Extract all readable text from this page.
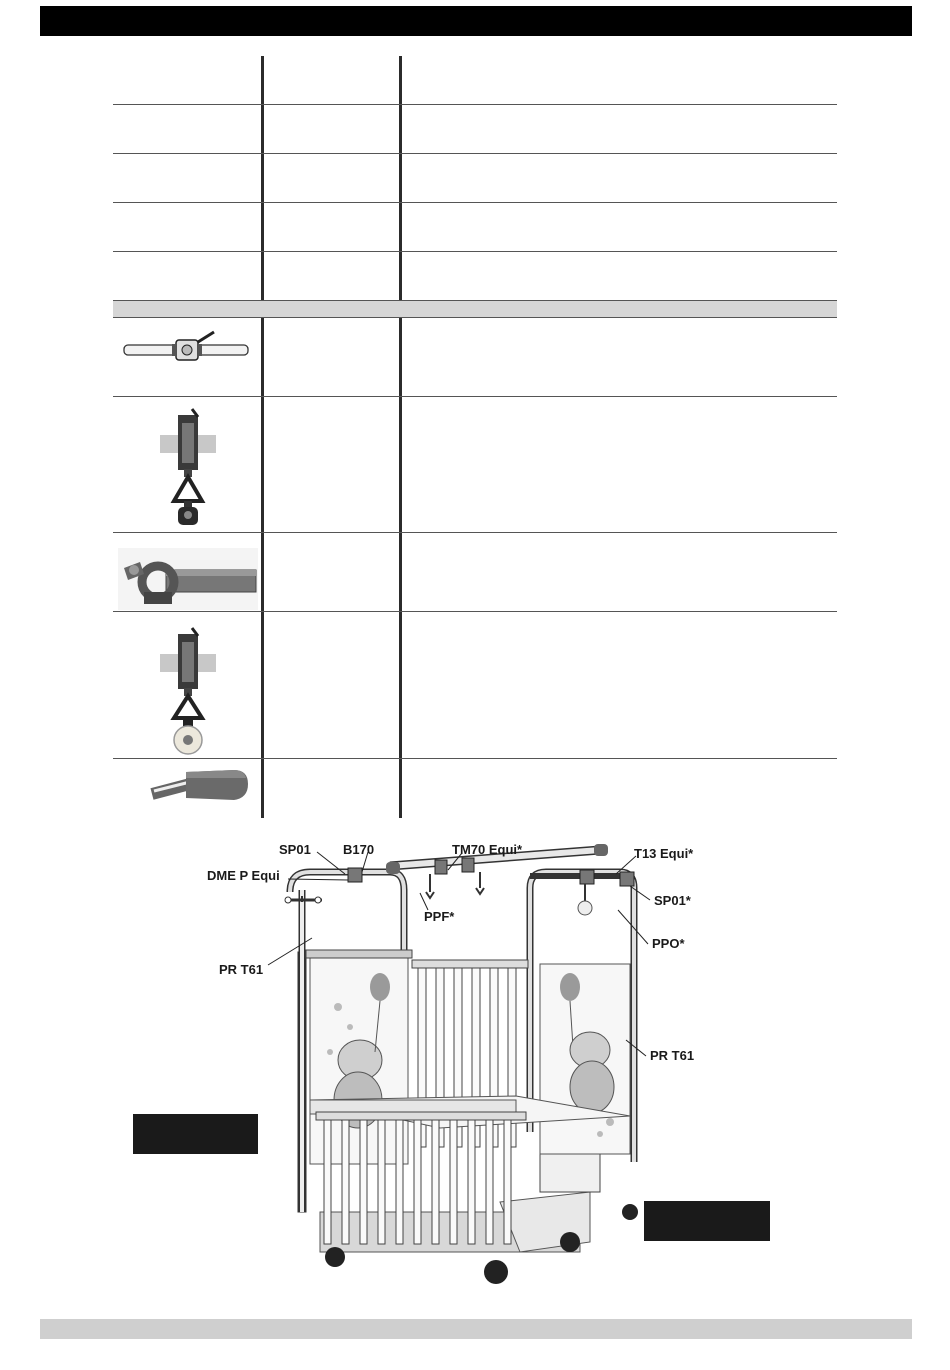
SP01 B170	TM70 Equi*	T13 Equi*
DME P Equi
PPF*
SP01*
PPO*
PR T61
PR T61
